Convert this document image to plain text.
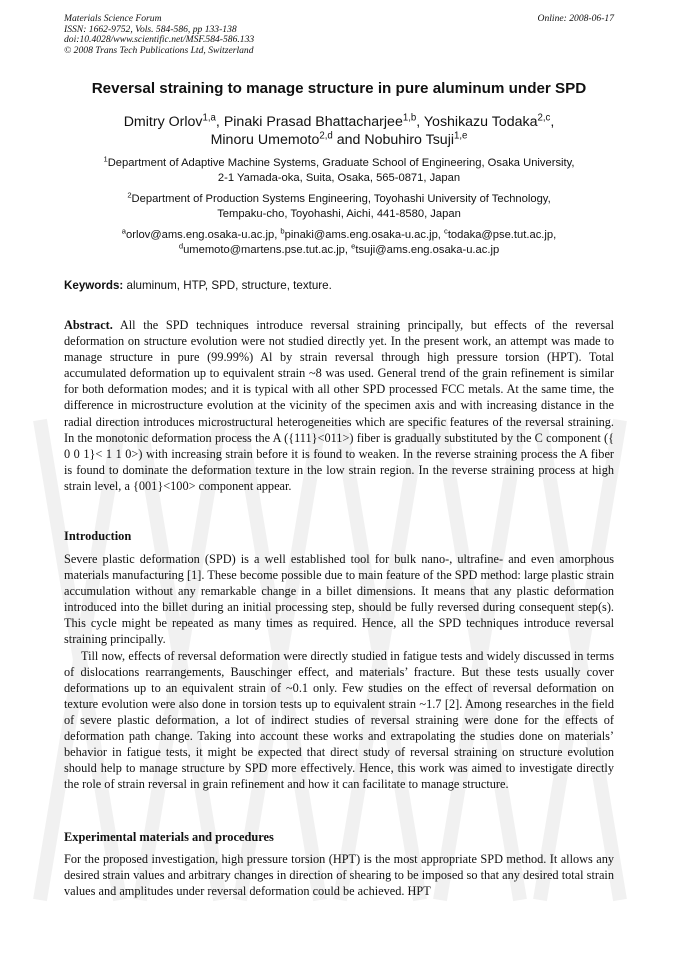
Materials Science Forum
ISSN: 1662-9752, Vols. 584-586, pp 133-138
doi:10.4028/www.scientific.net/MSF.584-586.133
© 2008 Trans Tech Publications Ltd, Switzerland
Online: 2008-06-17
Reversal straining to manage structure in pure aluminum under SPD
Dmitry Orlov$^{1,a}$, Pinaki Prasad Bhattacharjee$^{1,b}$, Yoshikazu Todaka$^{2,c}$,
Minoru Umemoto$^{2,d}$ and Nobuhiro Tsuji$^{1,e}$
$^1$Department of Adaptive Machine Systems, Graduate School of Engineering, Osaka University,
2-1 Yamada-oka, Suita, Osaka, 565-0871, Japan
$^2$Department of Production Systems Engineering, Toyohashi University of Technology,
Tempaku-cho, Toyohashi, Aichi, 441-8580, Japan
$^a$orlov@ams.eng.osaka-u.ac.jp, $^b$pinaki@ams.eng.osaka-u.ac.jp, $^c$todaka@pse.tut.ac.jp,
$^d$umemoto@martens.pse.tut.ac.jp, $^e$tsuji@ams.eng.osaka-u.ac.jp
Keywords: aluminum, HTP, SPD, structure, texture.

Abstract. All the SPD techniques introduce reversal straining principally, but effects of the reversal deformation on structure evolution were not studied directly yet. In the present work, an attempt was made to manage structure in pure (99.99%) Al by strain reversal through high pressure torsion (HPT). Total accumulated deformation up to equivalent strain ~8 was used. General trend of the grain refinement is similar for both deformation modes; and it is typical with all other SPD processed FCC metals. At the same time, the difference in microstructure evolution at the vicinity of the specimen axis and with increasing distance in the radial direction introduces microstructural heterogeneities which are specific features of the reversal straining. In the monotonic deformation process the A ({111}<011>) fiber is gradually substituted by the C component ({ 0 0 1}< 1 1 0>) with increasing strain before it is found to weaken. In the reverse straining process the A fiber is found to dominate the deformation texture in the low strain region. In the reverse straining process at high strain level, a {001}<100> component appear.

Introduction

Severe plastic deformation (SPD) is a well established tool for bulk nano-, ultrafine- and even amorphous materials manufacturing [1]. These become possible due to main feature of the SPD method: large plastic strain accumulation without any remarkable change in a billet dimensions. It means that any plastic deformation introduced into the billet during an initial processing step, should be fully reversed during consequent step(s). This cycle might be repeated as many times as required. Hence, all the SPD techniques introduce reversal straining principally.

Till now, effects of reversal deformation were directly studied in fatigue tests and widely discussed in terms of dislocations rearrangements, Bauschinger effect, and materials’ fracture. But these tests usually cover deformations up to an equivalent strain of ~0.1 only. Few studies on the effect of reversal deformation on texture evolution were also done in torsion tests up to equivalent strain ~1.7 [2]. Among researches in the field of severe plastic deformation, a lot of indirect studies of reversal straining were done for the effects of deformation path change. Taking into account these works and extrapolating the studies done on materials’ behavior in fatigue tests, it might be expected that direct study of reversal straining on structure evolution should help to manage structure by SPD more effectively. Hence, this work was aimed to investigate directly the role of strain reversal in grain refinement and how it can facilitate to manage structure.

Experimental materials and procedures

For the proposed investigation, high pressure torsion (HPT) is the most appropriate SPD method. It allows any desired strain values and arbitrary changes in direction of shearing to be imposed so that any desired total strain values and amplitudes under reversal deformation could be achieved. HPT
